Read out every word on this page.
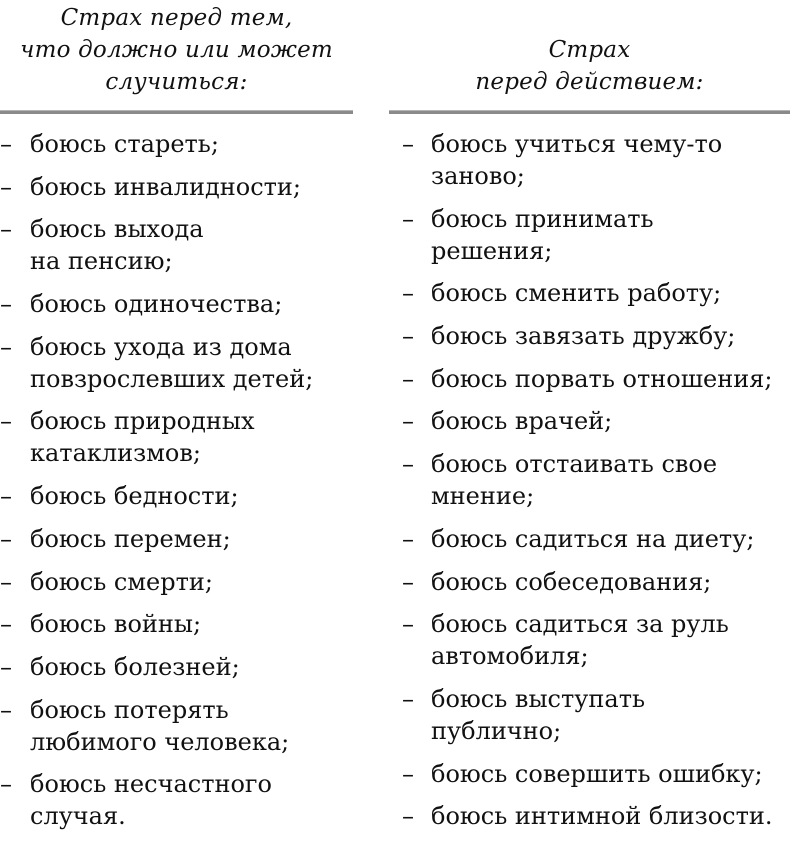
Страх перед тем,
что должно или может
случиться:
– боюсь стареть;
– боюсь инвалидности;
– боюсь выхода
на пенсию;
– боюсь одиночества;
– боюсь ухода из дома
повзрослевших детей;
– боюсь природных
катаклизмов;
– боюсь бедности;
– боюсь перемен;
– боюсь смерти;
– боюсь войны;
– боюсь болезней;
– боюсь потерять
любимого человека;
– боюсь несчастного
случая.
Страх
перед действием:
– боюсь учиться чему-то
заново;
– боюсь принимать
решения;
– боюсь сменить работу;
– боюсь завязать дружбу;
– боюсь порвать отношения;
– боюсь врачей;
– боюсь отстаивать свое
мнение;
– боюсь садиться на диету;
– боюсь собеседования;
– боюсь садиться за руль
автомобиля;
– боюсь выступать
публично;
– боюсь совершить ошибку;
– боюсь интимной близости.
